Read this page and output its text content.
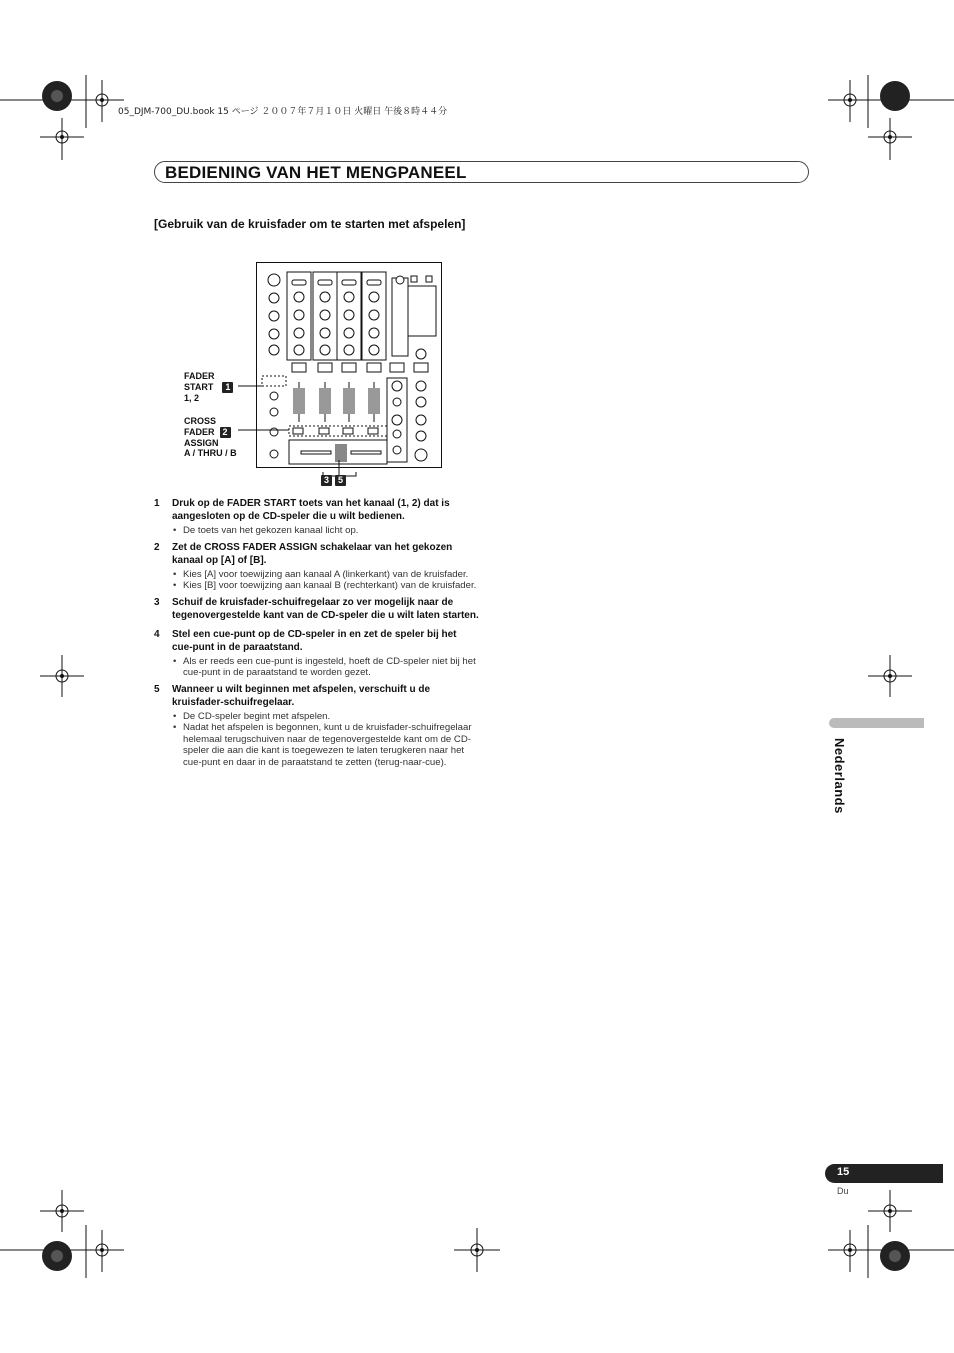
05_DJM-700_DU.book 15 ページ ２００７年７月１０日 火曜日 午後８時４４分
BEDIENING VAN HET MENGPANEEL
[Gebruik van de kruisfader om te starten met afspelen]
FADER
START	1
1, 2
CROSS
FADER 2
ASSIGN
A / THRU / B
3	5
1	Druk op de FADER START toets van het kanaal (1, 2) dat is aangesloten op de CD-speler die u wilt bedienen.
• De toets van het gekozen kanaal licht op.
2	Zet de CROSS FADER ASSIGN schakelaar van het gekozen kanaal op [A] of [B].
• Kies [A] voor toewijzing aan kanaal A (linkerkant) van de kruisfader.
• Kies [B] voor toewijzing aan kanaal B (rechterkant) van de kruisfader.
3	Schuif de kruisfader-schuifregelaar zo ver mogelijk naar de tegenovergestelde kant van de CD-speler die u wilt laten starten.
4	Stel een cue-punt op de CD-speler in en zet de speler bij het cue-punt in de paraatstand.
• Als er reeds een cue-punt is ingesteld, hoeft de CD-speler niet bij het cue-punt in de paraatstand te worden gezet.
5	Wanneer u wilt beginnen met afspelen, verschuift u de kruisfader-schuifregelaar.
• De CD-speler begint met afspelen.
• Nadat het afspelen is begonnen, kunt u de kruisfader-schuifregelaar helemaal terugschuiven naar de tegenovergestelde kant om de CD-speler die aan die kant is toegewezen te laten terugkeren naar het cue-punt en daar in de paraatstand te zetten (terug-naar-cue).	Nederlands
15
Du
